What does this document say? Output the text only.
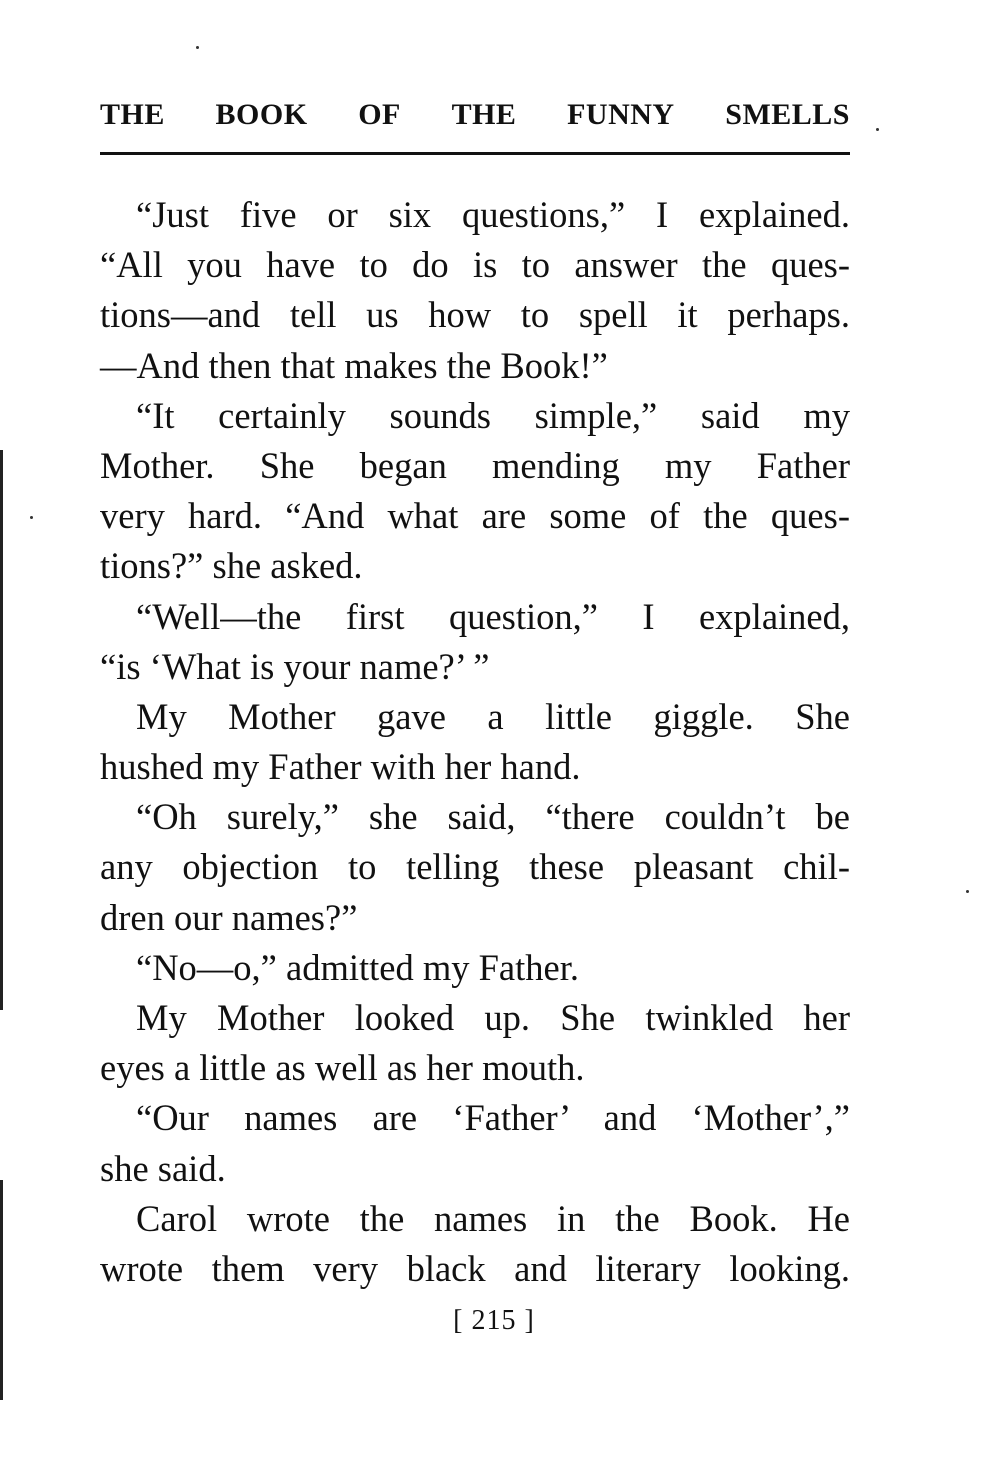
THE BOOK OF THE FUNNY SMELLS
“Just five or six questions,” I explained.
“All you have to do is to answer the ques-
tions—and tell us how to spell it perhaps.
—And then that makes the Book!”
“It certainly sounds simple,” said my
Mother. She began mending my Father
very hard. “And what are some of the ques-
tions?” she asked.
“Well—the first question,” I explained,
“is ‘What is your name?’ ”
My Mother gave a little giggle. She
hushed my Father with her hand.
“Oh surely,” she said, “there couldn’t be
any objection to telling these pleasant chil-
dren our names?”
“No—o,” admitted my Father.
My Mother looked up. She twinkled her
eyes a little as well as her mouth.
“Our names are ‘Father’ and ‘Mother’,”
she said.
Carol wrote the names in the Book. He
wrote them very black and literary looking.
[ 215 ]
